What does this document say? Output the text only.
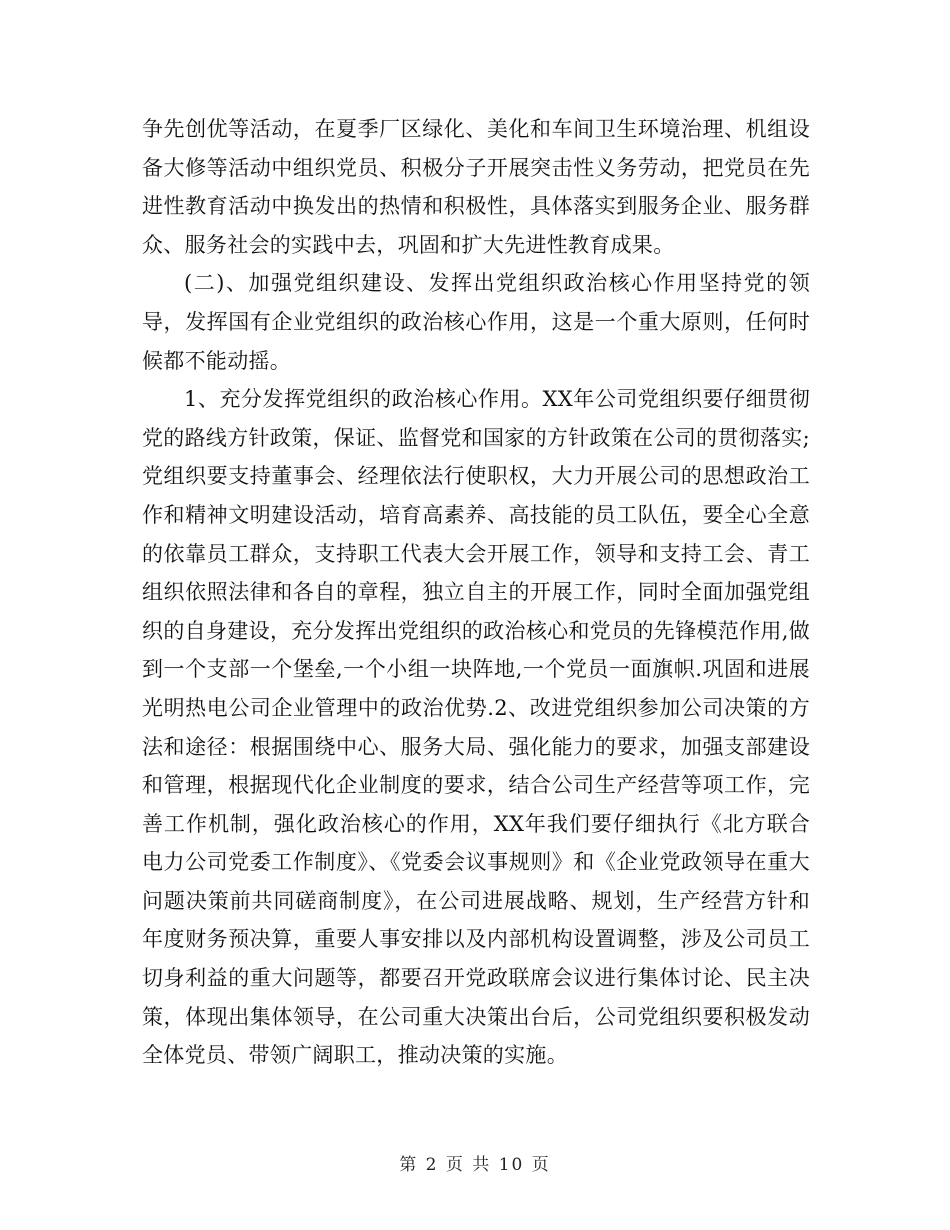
争先创优等活动，在夏季厂区绿化、美化和车间卫生环境治理、机组设备大修等活动中组织党员、积极分子开展突击性义务劳动，把党员在先进性教育活动中换发出的热情和积极性，具体落实到服务企业、服务群众、服务社会的实践中去，巩固和扩大先进性教育成果。

(二)、加强党组织建设、发挥出党组织政治核心作用坚持党的领导，发挥国有企业党组织的政治核心作用，这是一个重大原则，任何时候都不能动摇。

1、充分发挥党组织的政治核心作用。XX年公司党组织要仔细贯彻党的路线方针政策，保证、监督党和国家的方针政策在公司的贯彻落实;党组织要支持董事会、经理依法行使职权，大力开展公司的思想政治工作和精神文明建设活动，培育高素养、高技能的员工队伍，要全心全意的依靠员工群众，支持职工代表大会开展工作，领导和支持工会、青工组织依照法律和各自的章程，独立自主的开展工作，同时全面加强党组织的自身建设，充分发挥出党组织的政治核心和党员的先锋模范作用,做到一个支部一个堡垒,一个小组一块阵地,一个党员一面旗帜.巩固和进展光明热电公司企业管理中的政治优势.2、改进党组织参加公司决策的方法和途径：根据围绕中心、服务大局、强化能力的要求，加强支部建设和管理，根据现代化企业制度的要求，结合公司生产经营等项工作，完善工作机制，强化政治核心的作用，XX年我们要仔细执行《北方联合电力公司党委工作制度》、《党委会议事规则》和《企业党政领导在重大问题决策前共同磋商制度》，在公司进展战略、规划，生产经营方针和年度财务预决算，重要人事安排以及内部机构设置调整，涉及公司员工切身利益的重大问题等，都要召开党政联席会议进行集体讨论、民主决策，体现出集体领导，在公司重大决策出台后，公司党组织要积极发动全体党员、带领广阔职工，推动决策的实施。

第 2 页 共 10 页
